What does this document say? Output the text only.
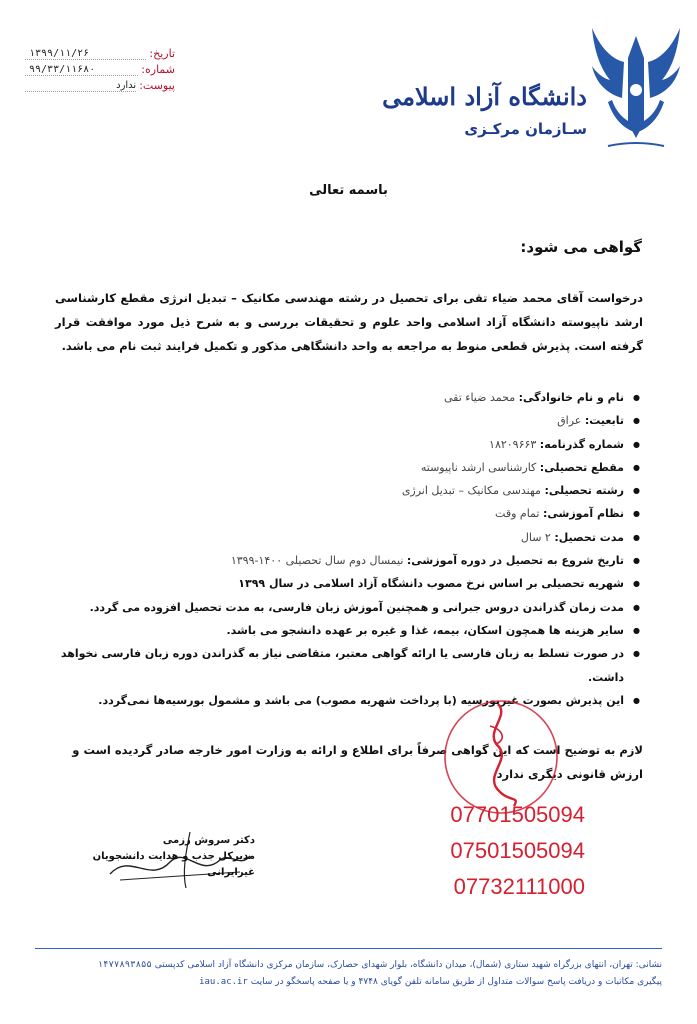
تاریخ:
۱۳۹۹/۱۱/۲۶
شماره:
۹۹/۳۳/۱۱۶۸۰
پیوست:
ندارد	دانشگاه آزاد اسلامی
سـازمان مرکـزی
باسمه تعالی
گواهی می شود:
درخواست آقای محمد ضیاء تقی برای تحصیل در رشته مهندسی مکانیک – تبدیل انرژی مقطع کارشناسی ارشد ناپیوسته دانشگاه آزاد اسلامی واحد علوم و تحقیقات بررسی و به شرح ذیل مورد موافقت قرار گرفته است. پذیرش قطعی منوط به مراجعه به واحد دانشگاهی مذکور و تکمیل فرایند ثبت نام می باشد.
● نام و نام خانوادگی: محمد ضیاء تقی
● تابعیت: عراق
● شماره گذرنامه: ۱۸۲۰۹۶۶۳
● مقطع تحصیلی: کارشناسی ارشد ناپیوسته
● رشته تحصیلی: مهندسی مکانیک – تبدیل انرژی
● نظام آموزشی: تمام وقت
● مدت تحصیل: ۲ سال
● تاریخ شروع به تحصیل در دوره آموزشی: نیمسال دوم سال تحصیلی ۱۴۰۰-۱۳۹۹
● شهریه تحصیلی بر اساس نرخ مصوب دانشگاه آزاد اسلامی در سال ۱۳۹۹
● مدت زمان گذراندن دروس جبرانی و همچنین آموزش زبان فارسی، به مدت تحصیل افزوده می گردد.
● سایر هزینه ها همچون اسکان، بیمه، غذا و غیره بر عهده دانشجو می باشد.
● در صورت تسلط به زبان فارسی یا ارائه گواهی معتبر، متقاضی نیاز به گذراندن دوره زبان فارسی نخواهد داشت.
● این پذیرش بصورت غیربورسیه (با پرداخت شهریه مصوب) می باشد و مشمول بورسیه‌ها نمی‌گردد.
لازم به توضیح است که این گواهی صرفاً برای اطلاع و ارائه به وزارت امور خارجه صادر گردیده است و ارزش قانونی دیگری ندارد.
07701505094
07501505094
07732111000
دکتر سروش رزمی
مدیرکل جذب و هدایت دانشجویان غیرایرانی
نشانی: تهران، انتهای بزرگراه شهید ستاری (شمال)، میدان دانشگاه، بلوار شهدای حصارک، سازمان مرکزی دانشگاه آزاد اسلامی کدپستی ۱۴۷۷۸۹۳۸۵۵
پیگیری مکاتبات و دریافت پاسخ سوالات متداول از طریق سامانه تلفن گویای ۴۷۴۸ و یا صفحه پاسخگو در سایت iau.ac.ir
